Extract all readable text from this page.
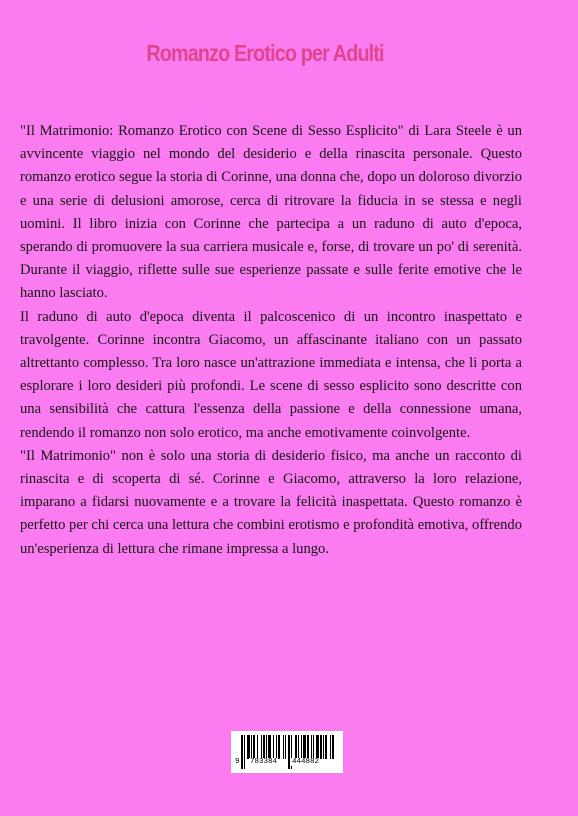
Romanzo Erotico per Adulti

"Il Matrimonio: Romanzo Erotico con Scene di Sesso Esplicito" di Lara Steele è un avvincente viaggio nel mondo del desiderio e della rinascita personale. Questo romanzo erotico segue la storia di Corinne, una donna che, dopo un doloroso divorzio e una serie di delusioni amorose, cerca di ritrovare la fiducia in se stessa e negli uomini. Il libro inizia con Corinne che partecipa a un raduno di auto d'epoca, sperando di promuovere la sua carriera musicale e, forse, di trovare un po' di serenità. Durante il viaggio, riflette sulle sue esperienze passate e sulle ferite emotive che le hanno lasciato.

Il raduno di auto d'epoca diventa il palcoscenico di un incontro inaspettato e travolgente. Corinne incontra Giacomo, un affascinante italiano con un passato altrettanto complesso. Tra loro nasce un'attrazione immediata e intensa, che li porta a esplorare i loro desideri più profondi. Le scene di sesso esplicito sono descritte con una sensibilità che cattura l'essenza della passione e della connessione umana, rendendo il romanzo non solo erotico, ma anche emotivamente coinvolgente.

"Il Matrimonio" non è solo una storia di desiderio fisico, ma anche un racconto di rinascita e di scoperta di sé. Corinne e Giacomo, attraverso la loro relazione, imparano a fidarsi nuovamente e a trovare la felicità inaspettata. Questo romanzo è perfetto per chi cerca una lettura che combini erotismo e profondità emotiva, offrendo un'esperienza di lettura che rimane impressa a lungo.

9 783384 444882
